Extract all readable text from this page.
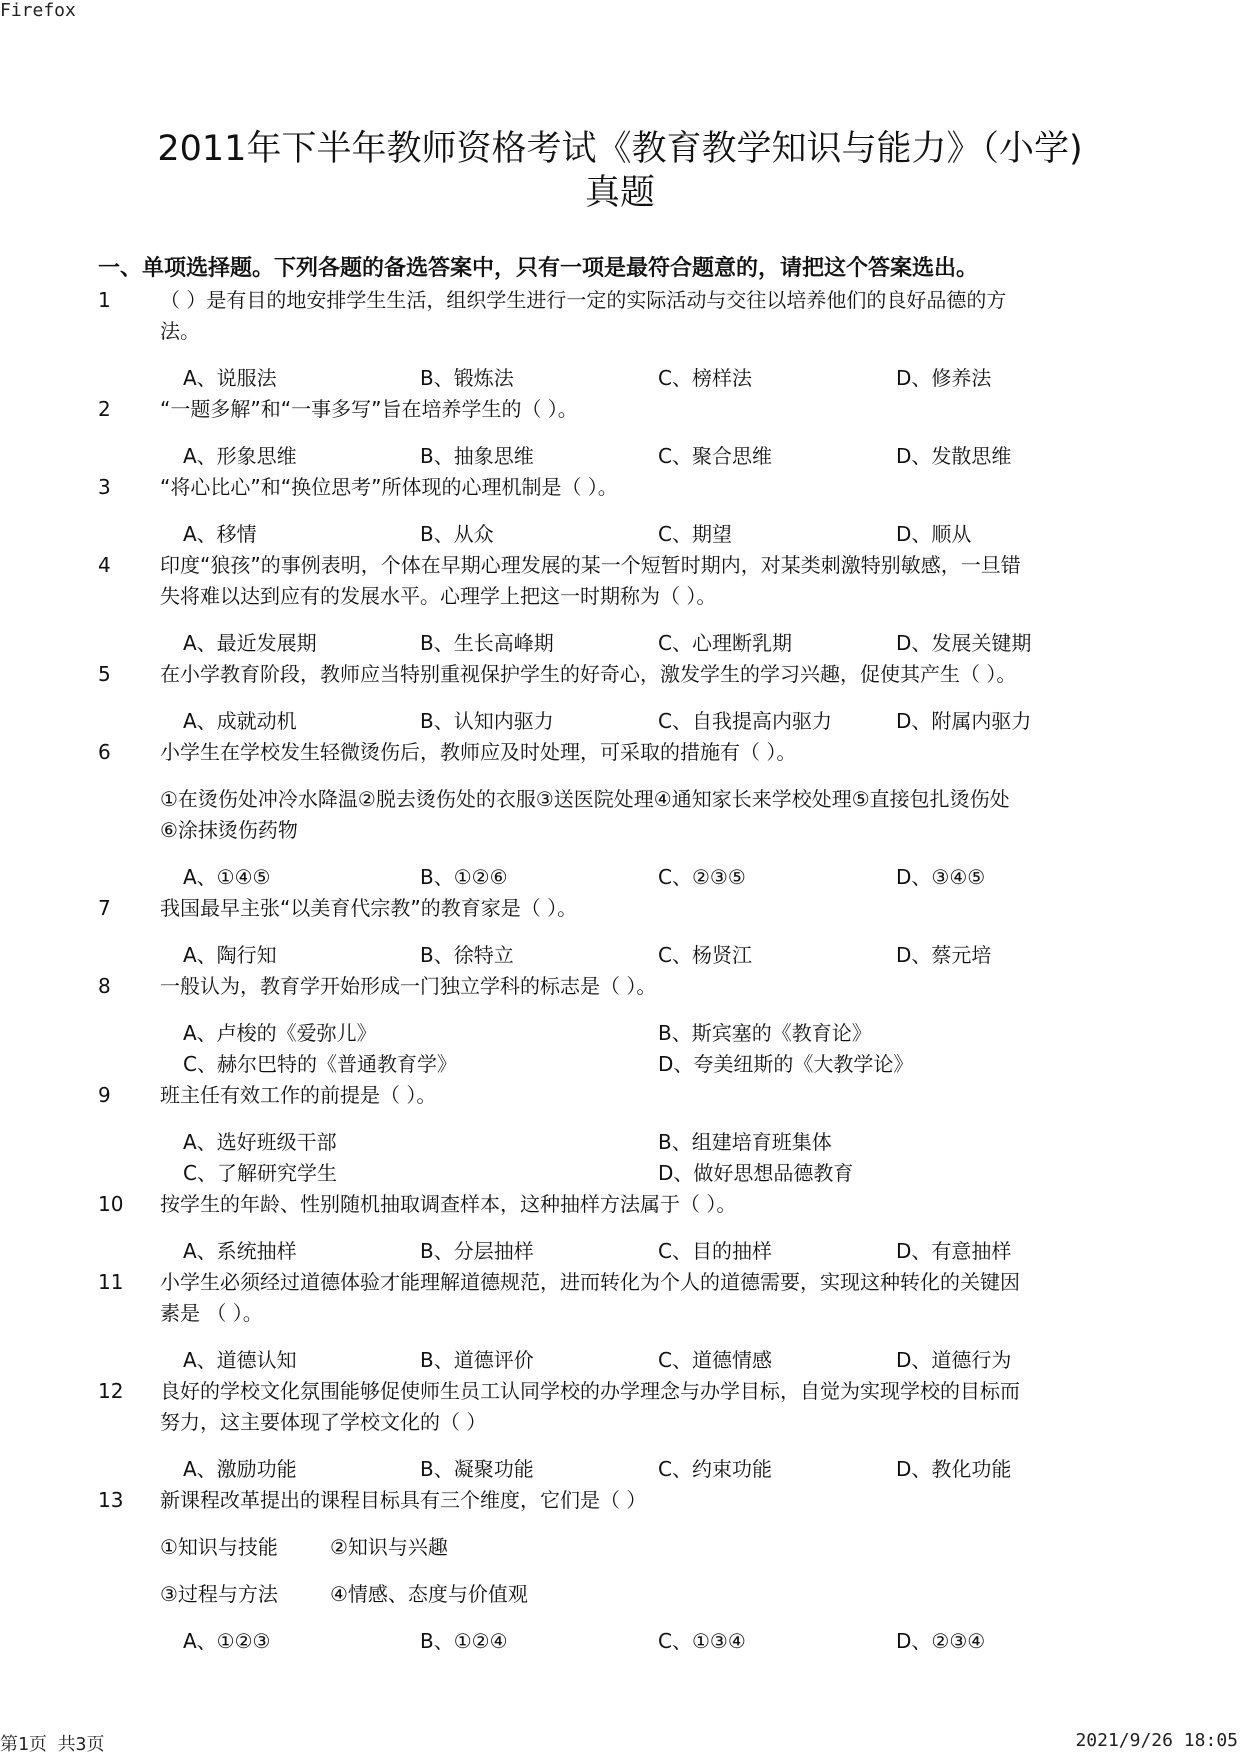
Firefox
2011年下半年教师资格考试《教育教学知识与能力》（小学)
真题
一、单项选择题。下列各题的备选答案中，只有一项是最符合题意的，请把这个答案选出。
1 （ ）是有目的地安排学生生活，组织学生进行一定的实际活动与交往以培养他们的良好品德的方
法。
A、说服法	B、锻炼法	C、榜样法	D、修养法
2 “一题多解”和“一事多写”旨在培养学生的（ ）。
A、形象思维	B、抽象思维	C、聚合思维	D、发散思维
3 “将心比心”和“换位思考”所体现的心理机制是（ ）。
A、移情	B、从众	C、期望	D、顺从
4 印度“狼孩”的事例表明，个体在早期心理发展的某一个短暂时期内，对某类刺激特别敏感，一旦错
失将难以达到应有的发展水平。心理学上把这一时期称为（ ）。
A、最近发展期	B、生长高峰期	C、心理断乳期	D、发展关键期
5 在小学教育阶段，教师应当特别重视保护学生的好奇心，激发学生的学习兴趣，促使其产生（ ）。
A、成就动机	B、认知内驱力	C、自我提高内驱力	D、附属内驱力
6 小学生在学校发生轻微烫伤后，教师应及时处理，可采取的措施有（ ）。
①在烫伤处冲冷水降温②脱去烫伤处的衣服③送医院处理④通知家长来学校处理⑤直接包扎烫伤处
⑥涂抹烫伤药物
A、①④⑤	B、①②⑥	C、②③⑤	D、③④⑤
7 我国最早主张“以美育代宗教”的教育家是（ ）。
A、陶行知	B、徐特立	C、杨贤江	D、蔡元培
8 一般认为，教育学开始形成一门独立学科的标志是（ ）。
A、卢梭的《爱弥儿》	B、斯宾塞的《教育论》
C、赫尔巴特的《普通教育学》	D、夸美纽斯的《大教学论》
9 班主任有效工作的前提是（ ）。
A、选好班级干部	B、组建培育班集体
C、了解研究学生	D、做好思想品德教育
10 按学生的年龄、性别随机抽取调查样本，这种抽样方法属于（ ）。
A、系统抽样	B、分层抽样	C、目的抽样	D、有意抽样
11 小学生必须经过道德体验才能理解道德规范，进而转化为个人的道德需要，实现这种转化的关键因
素是 （ ）。
A、道德认知	B、道德评价	C、道德情感	D、道德行为
12 良好的学校文化氛围能够促使师生员工认同学校的办学理念与办学目标，自觉为实现学校的目标而
努力，这主要体现了学校文化的（ ）
A、激励功能	B、凝聚功能	C、约束功能	D、教化功能
13 新课程改革提出的课程目标具有三个维度，它们是（ ）
①知识与技能	②知识与兴趣
③过程与方法	④情感、态度与价值观
A、①②③	B、①②④	C、①③④	D、②③④
第1页 共3页	2021/9/26 18:05
